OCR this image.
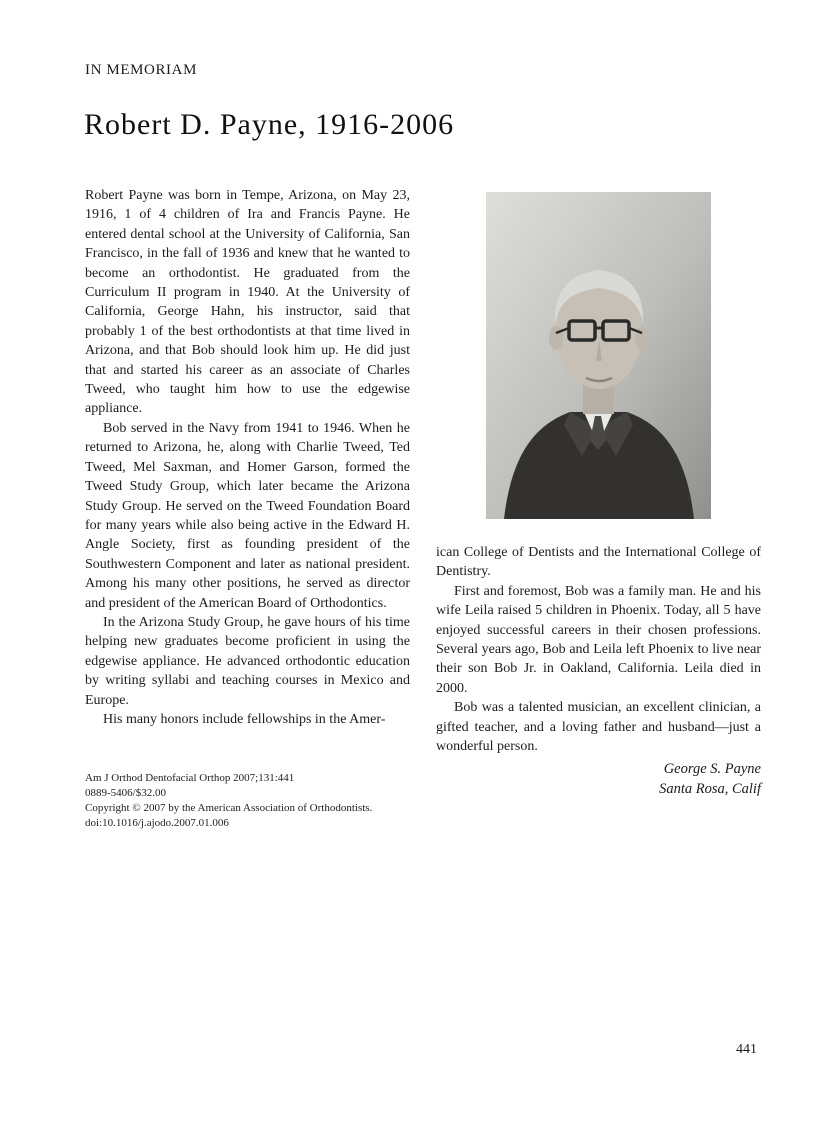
IN MEMORIAM
Robert D. Payne, 1916-2006

Robert Payne was born in Tempe, Arizona, on May 23, 1916, 1 of 4 children of Ira and Francis Payne. He entered dental school at the University of California, San Francisco, in the fall of 1936 and knew that he wanted to become an orthodontist. He graduated from the Curriculum II program in 1940. At the University of California, George Hahn, his instructor, said that probably 1 of the best orthodontists at that time lived in Arizona, and that Bob should look him up. He did just that and started his career as an associate of Charles Tweed, who taught him how to use the edgewise appliance.

Bob served in the Navy from 1941 to 1946. When he returned to Arizona, he, along with Charlie Tweed, Ted Tweed, Mel Saxman, and Homer Garson, formed the Tweed Study Group, which later became the Arizona Study Group. He served on the Tweed Foundation Board for many years while also being active in the Edward H. Angle Society, first as founding president of the Southwestern Component and later as national president. Among his many other positions, he served as director and president of the American Board of Orthodontics.

In the Arizona Study Group, he gave hours of his time helping new graduates become proficient in using the edgewise appliance. He advanced orthodontic education by writing syllabi and teaching courses in Mexico and Europe.

His many honors include fellowships in the Amer-

Am J Orthod Dentofacial Orthop 2007;131:441
0889-5406/$32.00
Copyright © 2007 by the American Association of Orthodontists.
doi:10.1016/j.ajodo.2007.01.006

ican College of Dentists and the International College of Dentistry.

First and foremost, Bob was a family man. He and his wife Leila raised 5 children in Phoenix. Today, all 5 have enjoyed successful careers in their chosen professions. Several years ago, Bob and Leila left Phoenix to live near their son Bob Jr. in Oakland, California. Leila died in 2000.

Bob was a talented musician, an excellent clinician, a gifted teacher, and a loving father and husband—just a wonderful person.

George S. Payne
Santa Rosa, Calif
441
